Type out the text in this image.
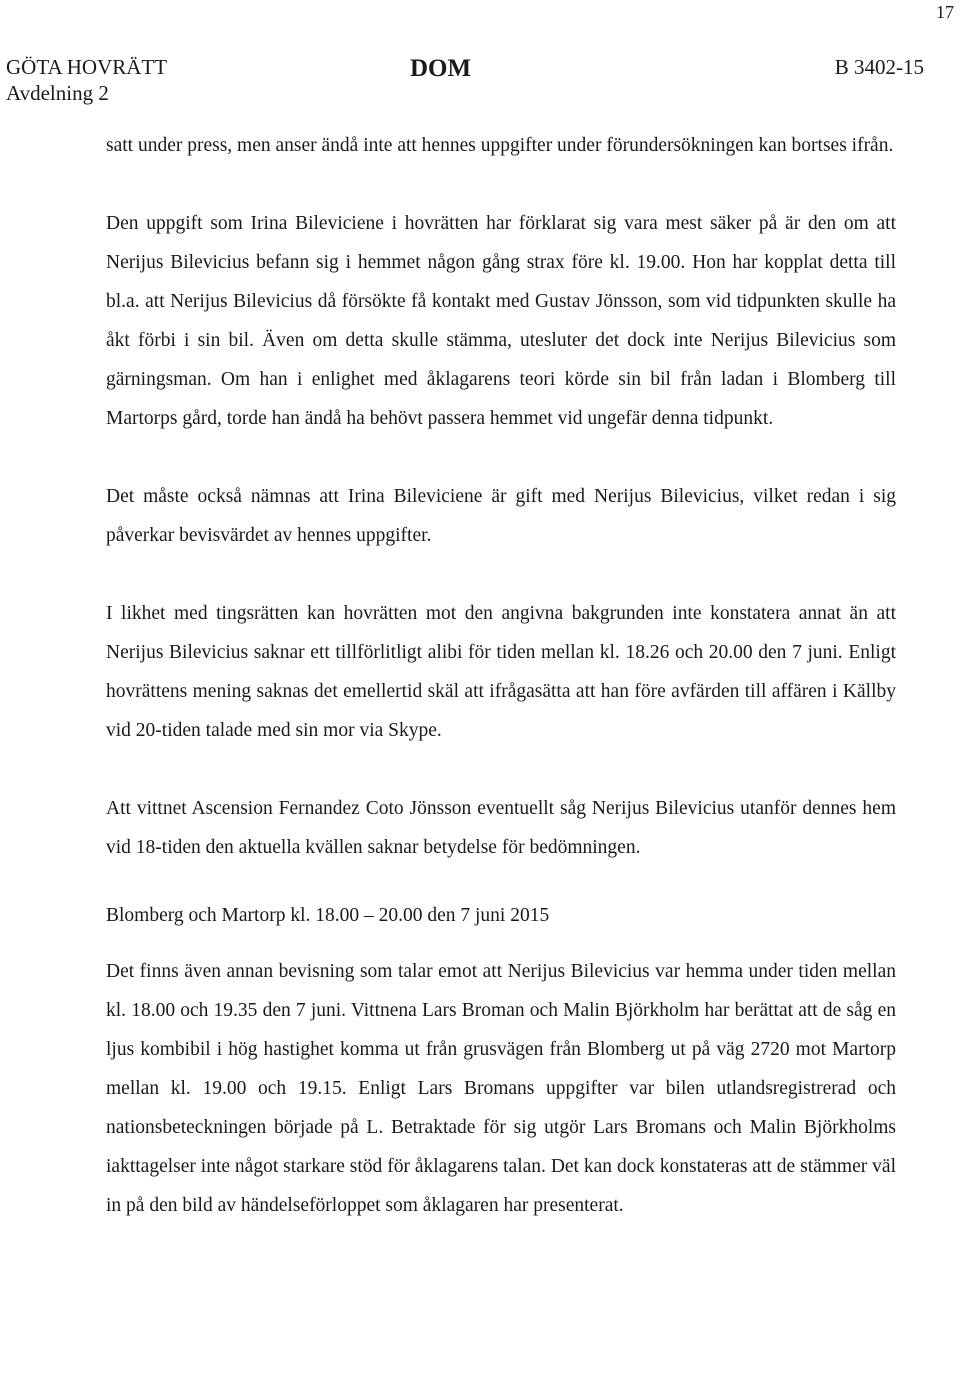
17
GÖTA HOVRÄTT
Avdelning 2
DOM	B 3402-15

satt under press, men anser ändå inte att hennes uppgifter under förundersökningen kan bortses ifrån.

Den uppgift som Irina Bileviciene i hovrätten har förklarat sig vara mest säker på är den om att Nerijus Bilevicius befann sig i hemmet någon gång strax före kl. 19.00. Hon har kopplat detta till bl.a. att Nerijus Bilevicius då försökte få kontakt med Gustav Jönsson, som vid tidpunkten skulle ha åkt förbi i sin bil. Även om detta skulle stämma, utesluter det dock inte Nerijus Bilevicius som gärningsman. Om han i enlighet med åklagarens teori körde sin bil från ladan i Blomberg till Martorps gård, torde han ändå ha behövt passera hemmet vid ungefär denna tidpunkt.

Det måste också nämnas att Irina Bileviciene är gift med Nerijus Bilevicius, vilket redan i sig påverkar bevisvärdet av hennes uppgifter.

I likhet med tingsrätten kan hovrätten mot den angivna bakgrunden inte konstatera annat än att Nerijus Bilevicius saknar ett tillförlitligt alibi för tiden mellan kl. 18.26 och 20.00 den 7 juni. Enligt hovrättens mening saknas det emellertid skäl att ifrågasätta att han före avfärden till affären i Källby vid 20-tiden talade med sin mor via Skype.

Att vittnet Ascension Fernandez Coto Jönsson eventuellt såg Nerijus Bilevicius utanför dennes hem vid 18-tiden den aktuella kvällen saknar betydelse för bedömningen.

Blomberg och Martorp kl. 18.00 – 20.00 den 7 juni 2015

Det finns även annan bevisning som talar emot att Nerijus Bilevicius var hemma under tiden mellan kl. 18.00 och 19.35 den 7 juni. Vittnena Lars Broman och Malin Björkholm har berättat att de såg en ljus kombibil i hög hastighet komma ut från grusvägen från Blomberg ut på väg 2720 mot Martorp mellan kl. 19.00 och 19.15. Enligt Lars Bromans uppgifter var bilen utlandsregistrerad och nationsbeteckningen började på L. Betraktade för sig utgör Lars Bromans och Malin Björkholms iakttagelser inte något starkare stöd för åklagarens talan. Det kan dock konstateras att de stämmer väl in på den bild av händelseförloppet som åklagaren har presenterat.
